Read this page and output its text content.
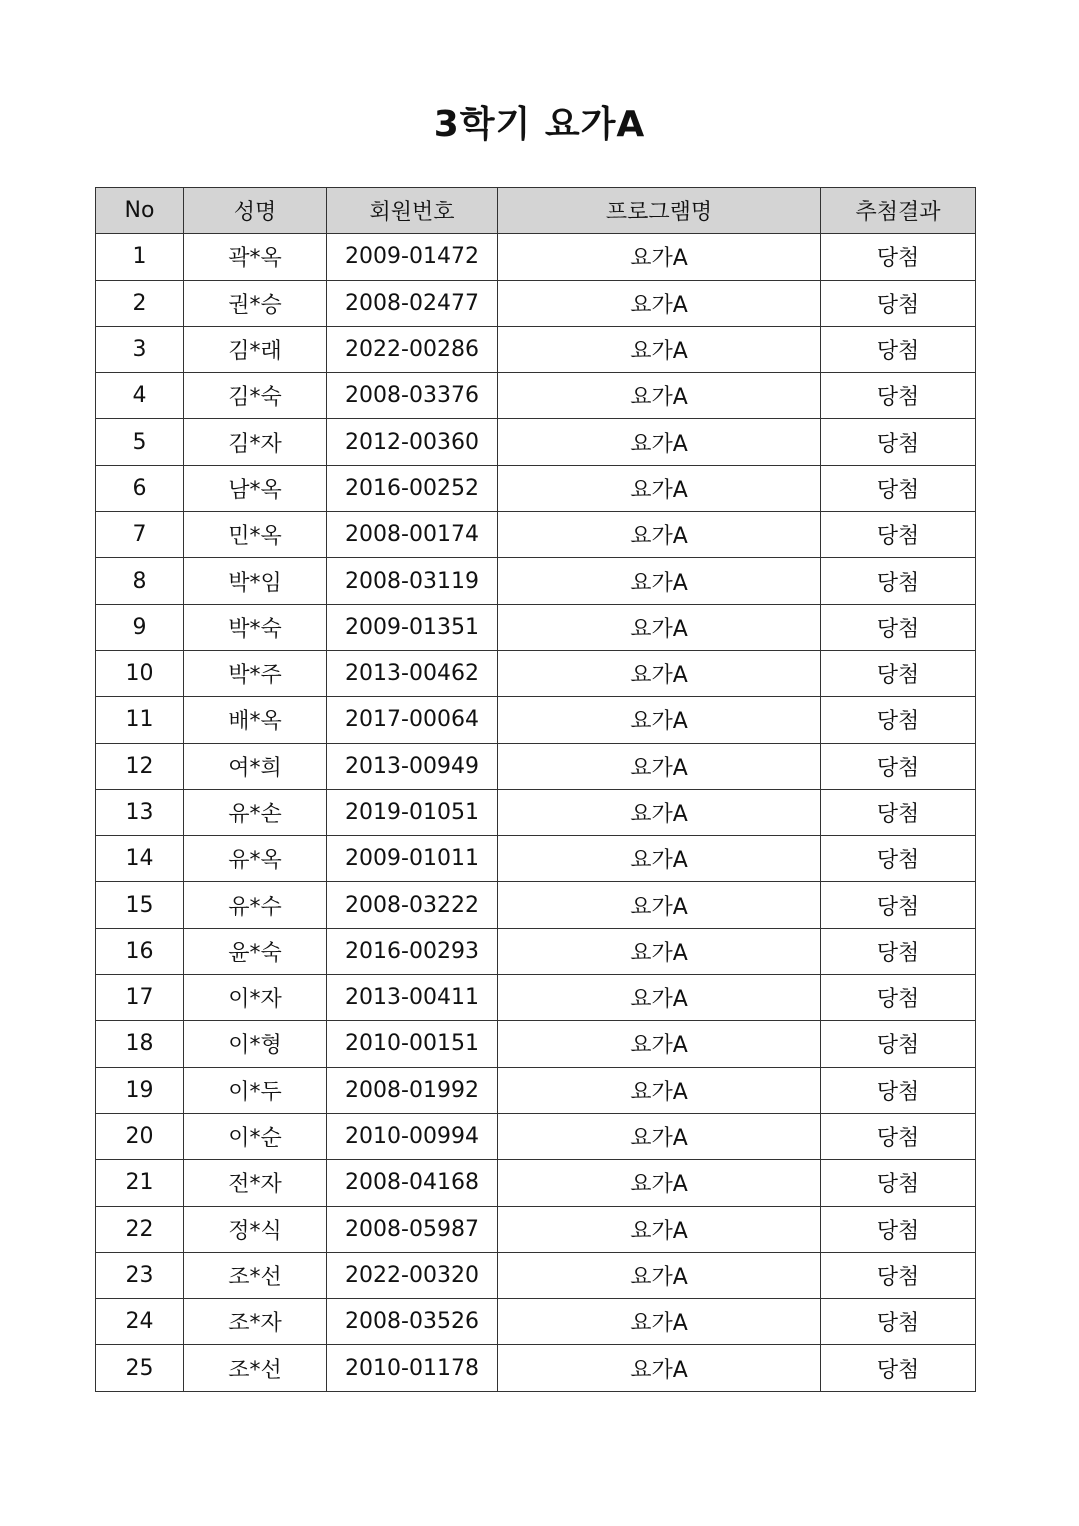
3학기 요가A
No	성명	회원번호	프로그램명	추첨결과
1	곽*옥	2009-01472	요가A	당첨
2	권*승	2008-02477	요가A	당첨
3	김*래	2022-00286	요가A	당첨
4	김*숙	2008-03376	요가A	당첨
5	김*자	2012-00360	요가A	당첨
6	남*옥	2016-00252	요가A	당첨
7	민*옥	2008-00174	요가A	당첨
8	박*임	2008-03119	요가A	당첨
9	박*숙	2009-01351	요가A	당첨
10	박*주	2013-00462	요가A	당첨
11	배*옥	2017-00064	요가A	당첨
12	여*희	2013-00949	요가A	당첨
13	유*손	2019-01051	요가A	당첨
14	유*옥	2009-01011	요가A	당첨
15	유*수	2008-03222	요가A	당첨
16	윤*숙	2016-00293	요가A	당첨
17	이*자	2013-00411	요가A	당첨
18	이*형	2010-00151	요가A	당첨
19	이*두	2008-01992	요가A	당첨
20	이*순	2010-00994	요가A	당첨
21	전*자	2008-04168	요가A	당첨
22	정*식	2008-05987	요가A	당첨
23	조*선	2022-00320	요가A	당첨
24	조*자	2008-03526	요가A	당첨
25	조*선	2010-01178	요가A	당첨
